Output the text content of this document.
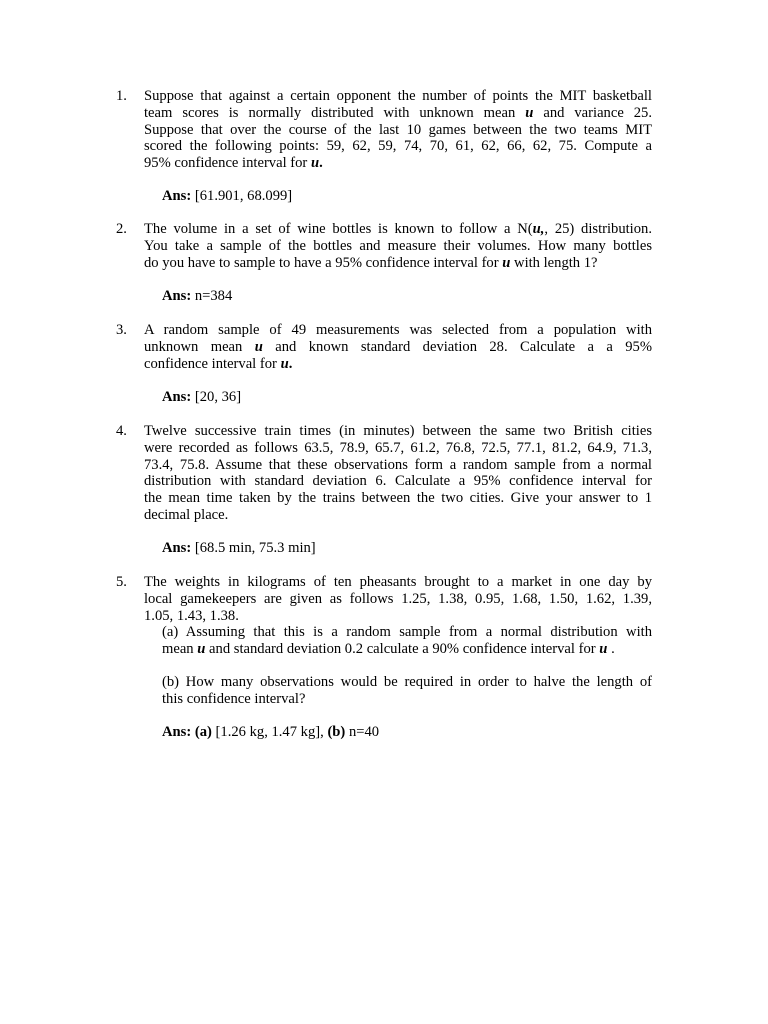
1.	Suppose that against a certain opponent the number of points the MIT basketball
team scores is normally distributed with unknown mean u and variance 25.
Suppose that over the course of the last 10 games between the two teams MIT
scored the following points: 59, 62, 59, 74, 70, 61, 62, 66, 62, 75. Compute a
95% confidence interval for u.
Ans: [61.901, 68.099]
2.	The volume in a set of wine bottles is known to follow a N(u,, 25) distribution.
You take a sample of the bottles and measure their volumes. How many bottles
do you have to sample to have a 95% confidence interval for u with length 1?
Ans: n=384
3.	A random sample of 49 measurements was selected from a population with
unknown mean u and known standard deviation 28. Calculate a a 95%
confidence interval for u.
Ans: [20, 36]
4.	Twelve successive train times (in minutes) between the same two British cities
were recorded as follows 63.5, 78.9, 65.7, 61.2, 76.8, 72.5, 77.1, 81.2, 64.9, 71.3,
73.4, 75.8. Assume that these observations form a random sample from a normal
distribution with standard deviation 6. Calculate a 95% confidence interval for
the mean time taken by the trains between the two cities. Give your answer to 1
decimal place.
Ans: [68.5 min, 75.3 min]
5.	The weights in kilograms of ten pheasants brought to a market in one day by
local gamekeepers are given as follows 1.25, 1.38, 0.95, 1.68, 1.50, 1.62, 1.39,
1.05, 1.43, 1.38.
(a) Assuming that this is a random sample from a normal distribution with
mean u and standard deviation 0.2 calculate a 90% confidence interval for u .
(b) How many observations would be required in order to halve the length of
this confidence interval?
Ans: (a) [1.26 kg, 1.47 kg], (b) n=40
